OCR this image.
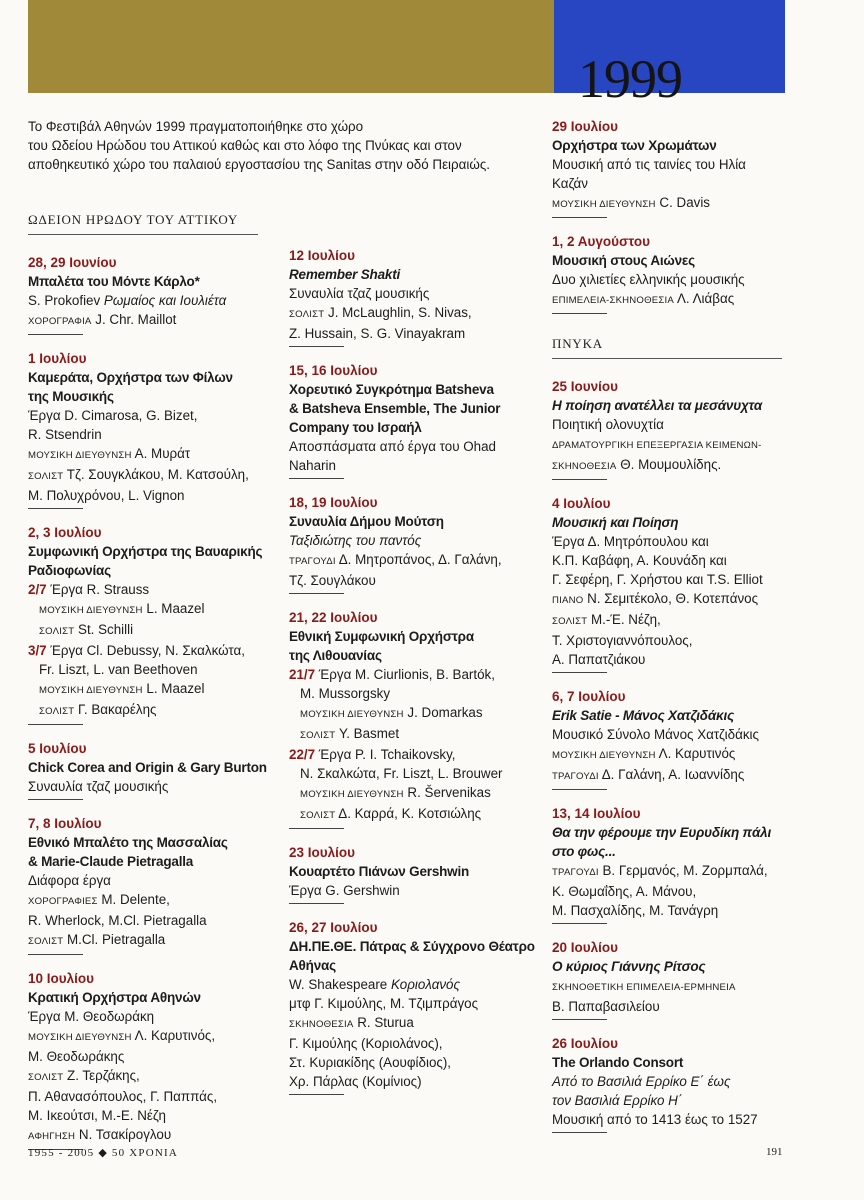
1999
Το Φεστιβάλ Αθηνών 1999 πραγματοποιήθηκε στο χώρο
του Ωδείου Ηρώδου του Αττικού καθώς και στο λόφο της Πνύκας και στον
αποθηκευτικό χώρο του παλαιού εργοστασίου της Sanitas στην οδό Πειραιώς.
ΩΔΕΙΟΝ ΗΡΩΔΟΥ ΤΟΥ ΑΤΤΙΚΟΥ
28, 29 Ιουνίου
Μπαλέτα του Μόντε Κάρλο*
S. Prokofiev Ρωμαίος και Ιουλιέτα
ΧΟΡΟΓΡΑΦΙΑ J. Chr. Maillot
1 Ιουλίου
Καμεράτα, Ορχήστρα των Φίλων
της Μουσικής
Έργα D. Cimarosa, G. Bizet,
R. Stsendrin
ΜΟΥΣΙΚΗ ΔΙΕΥΘΥΝΣΗ Α. Μυράτ
ΣΟΛΙΣΤ Τζ. Σουγκλάκου, Μ. Κατσούλη,
Μ. Πολυχρόνου, L. Vignon
2, 3 Ιουλίου
Συμφωνική Ορχήστρα της Βαυαρικής
Ραδιοφωνίας
2/7 Έργα R. Strauss
ΜΟΥΣΙΚΗ ΔΙΕΥΘΥΝΣΗ L. Maazel
ΣΟΛΙΣΤ St. Schilli
3/7 Έργα Cl. Debussy, Ν. Σκαλκώτα,
Fr. Liszt, L. van Beethoven
ΜΟΥΣΙΚΗ ΔΙΕΥΘΥΝΣΗ L. Maazel
ΣΟΛΙΣΤ Γ. Βακαρέλης
5 Ιουλίου
Chick Corea and Origin & Gary Burton
Συναυλία τζαζ μουσικής
7, 8 Ιουλίου
Εθνικό Μπαλέτο της Μασσαλίας
& Marie-Claude Pietragalla
Διάφορα έργα
ΧΟΡΟΓΡΑΦΙΕΣ M. Delente,
R. Wherlock, M.Cl. Pietragalla
ΣΟΛΙΣΤ M.Cl. Pietragalla
10 Ιουλίου
Κρατική Ορχήστρα Αθηνών
Έργα Μ. Θεοδωράκη
ΜΟΥΣΙΚΗ ΔΙΕΥΘΥΝΣΗ Λ. Καρυτινός,
Μ. Θεοδωράκης
ΣΟΛΙΣΤ Ζ. Τερζάκης,
Π. Αθανασόπουλος, Γ. Παππάς,
Μ. Ικεούτσι, Μ.-Ε. Νέζη
ΑΦΗΓΗΣΗ Ν. Τσακίρογλου
12 Ιουλίου
Remember Shakti
Συναυλία τζαζ μουσικής
ΣΟΛΙΣΤ J. McLaughlin, S. Nivas,
Z. Hussain, S. G. Vinayakram
15, 16 Ιουλίου
Χορευτικό Συγκρότημα Batsheva
& Batsheva Ensemble, The Junior
Company του Ισραήλ
Αποσπάσματα από έργα του Ohad
Naharin
18, 19 Ιουλίου
Συναυλία Δήμου Μούτση
Ταξιδιώτης του παντός
ΤΡΑΓΟΥΔΙ Δ. Μητροπάνος, Δ. Γαλάνη,
Τζ. Σουγλάκου
21, 22 Ιουλίου
Εθνική Συμφωνική Ορχήστρα
της Λιθουανίας
21/7 Έργα M. Ciurlionis, B. Bartók,
M. Mussorgsky
ΜΟΥΣΙΚΗ ΔΙΕΥΘΥΝΣΗ J. Domarkas
ΣΟΛΙΣΤ Y. Basmet
22/7 Έργα P. I. Tchaikovsky,
Ν. Σκαλκώτα, Fr. Liszt, L. Brouwer
ΜΟΥΣΙΚΗ ΔΙΕΥΘΥΝΣΗ R. Šervenikas
ΣΟΛΙΣΤ Δ. Καρρά, Κ. Κοτσιώλης
23 Ιουλίου
Κουαρτέτο Πιάνων Gershwin
Έργα G. Gershwin
26, 27 Ιουλίου
ΔΗ.ΠΕ.ΘΕ. Πάτρας & Σύγχρονο Θέατρο
Αθήνας
W. Shakespeare Κοριολανός
μτφ Γ. Κιμούλης, Μ. Τζιμπράγος
ΣΚΗΝΟΘΕΣΙΑ R. Sturua
Γ. Κιμούλης (Κοριολάνος),
Στ. Κυριακίδης (Αουφίδιος),
Χρ. Πάρλας (Κομίνιος)
29 Ιουλίου
Ορχήστρα των Χρωμάτων
Μουσική από τις ταινίες του Ηλία
Καζάν
ΜΟΥΣΙΚΗ ΔΙΕΥΘΥΝΣΗ C. Davis
1, 2 Αυγούστου
Μουσική στους Αιώνες
Δυο χιλιετίες ελληνικής μουσικής
ΕΠΙΜΕΛΕΙΑ-ΣΚΗΝΟΘΕΣΙΑ Λ. Λιάβας
ΠΝΥΚΑ
25 Ιουνίου
Η ποίηση ανατέλλει τα μεσάνυχτα
Ποιητική ολονυχτία
ΔΡΑΜΑΤΟΥΡΓΙΚΗ ΕΠΕΞΕΡΓΑΣΙΑ ΚΕΙΜΕΝΩΝ-
ΣΚΗΝΟΘΕΣΙΑ Θ. Μουμουλίδης.
4 Ιουλίου
Μουσική και Ποίηση
Έργα Δ. Μητρόπουλου και
Κ.Π. Καβάφη, Α. Κουνάδη και
Γ. Σεφέρη, Γ. Χρήστου και T.S. Elliot
ΠΙΑΝΟ Ν. Σεμιτέκολο, Θ. Κοτεπάνος
ΣΟΛΙΣΤ Μ.-Έ. Νέζη,
Τ. Χριστογιαννόπουλος,
Α. Παπατζιάκου
6, 7 Ιουλίου
Erik Satie - Μάνος Χατζιδάκις
Μουσικό Σύνολο Μάνος Χατζιδάκις
ΜΟΥΣΙΚΗ ΔΙΕΥΘΥΝΣΗ Λ. Καρυτινός
ΤΡΑΓΟΥΔΙ Δ. Γαλάνη, Α. Ιωαννίδης
13, 14 Ιουλίου
Θα την φέρουμε την Ευρυδίκη πάλι
στο φως...
ΤΡΑΓΟΥΔΙ Β. Γερμανός, Μ. Ζορμπαλά,
Κ. Θωμαΐδης, Α. Μάνου,
Μ. Πασχαλίδης, Μ. Τανάγρη
20 Ιουλίου
Ο κύριος Γιάννης Ρίτσος
ΣΚΗΝΟΘΕΤΙΚΗ ΕΠΙΜΕΛΕΙΑ-ΕΡΜΗΝΕΙΑ
Β. Παπαβασιλείου
26 Ιουλίου
The Orlando Consort
Από το Βασιλιά Ερρίκο Ε΄ έως
τον Βασιλιά Ερρίκο Η΄
Μουσική από το 1413 έως το 1527
1955 - 2005 ◆ 50 ΧΡΟΝΙΑ	191
